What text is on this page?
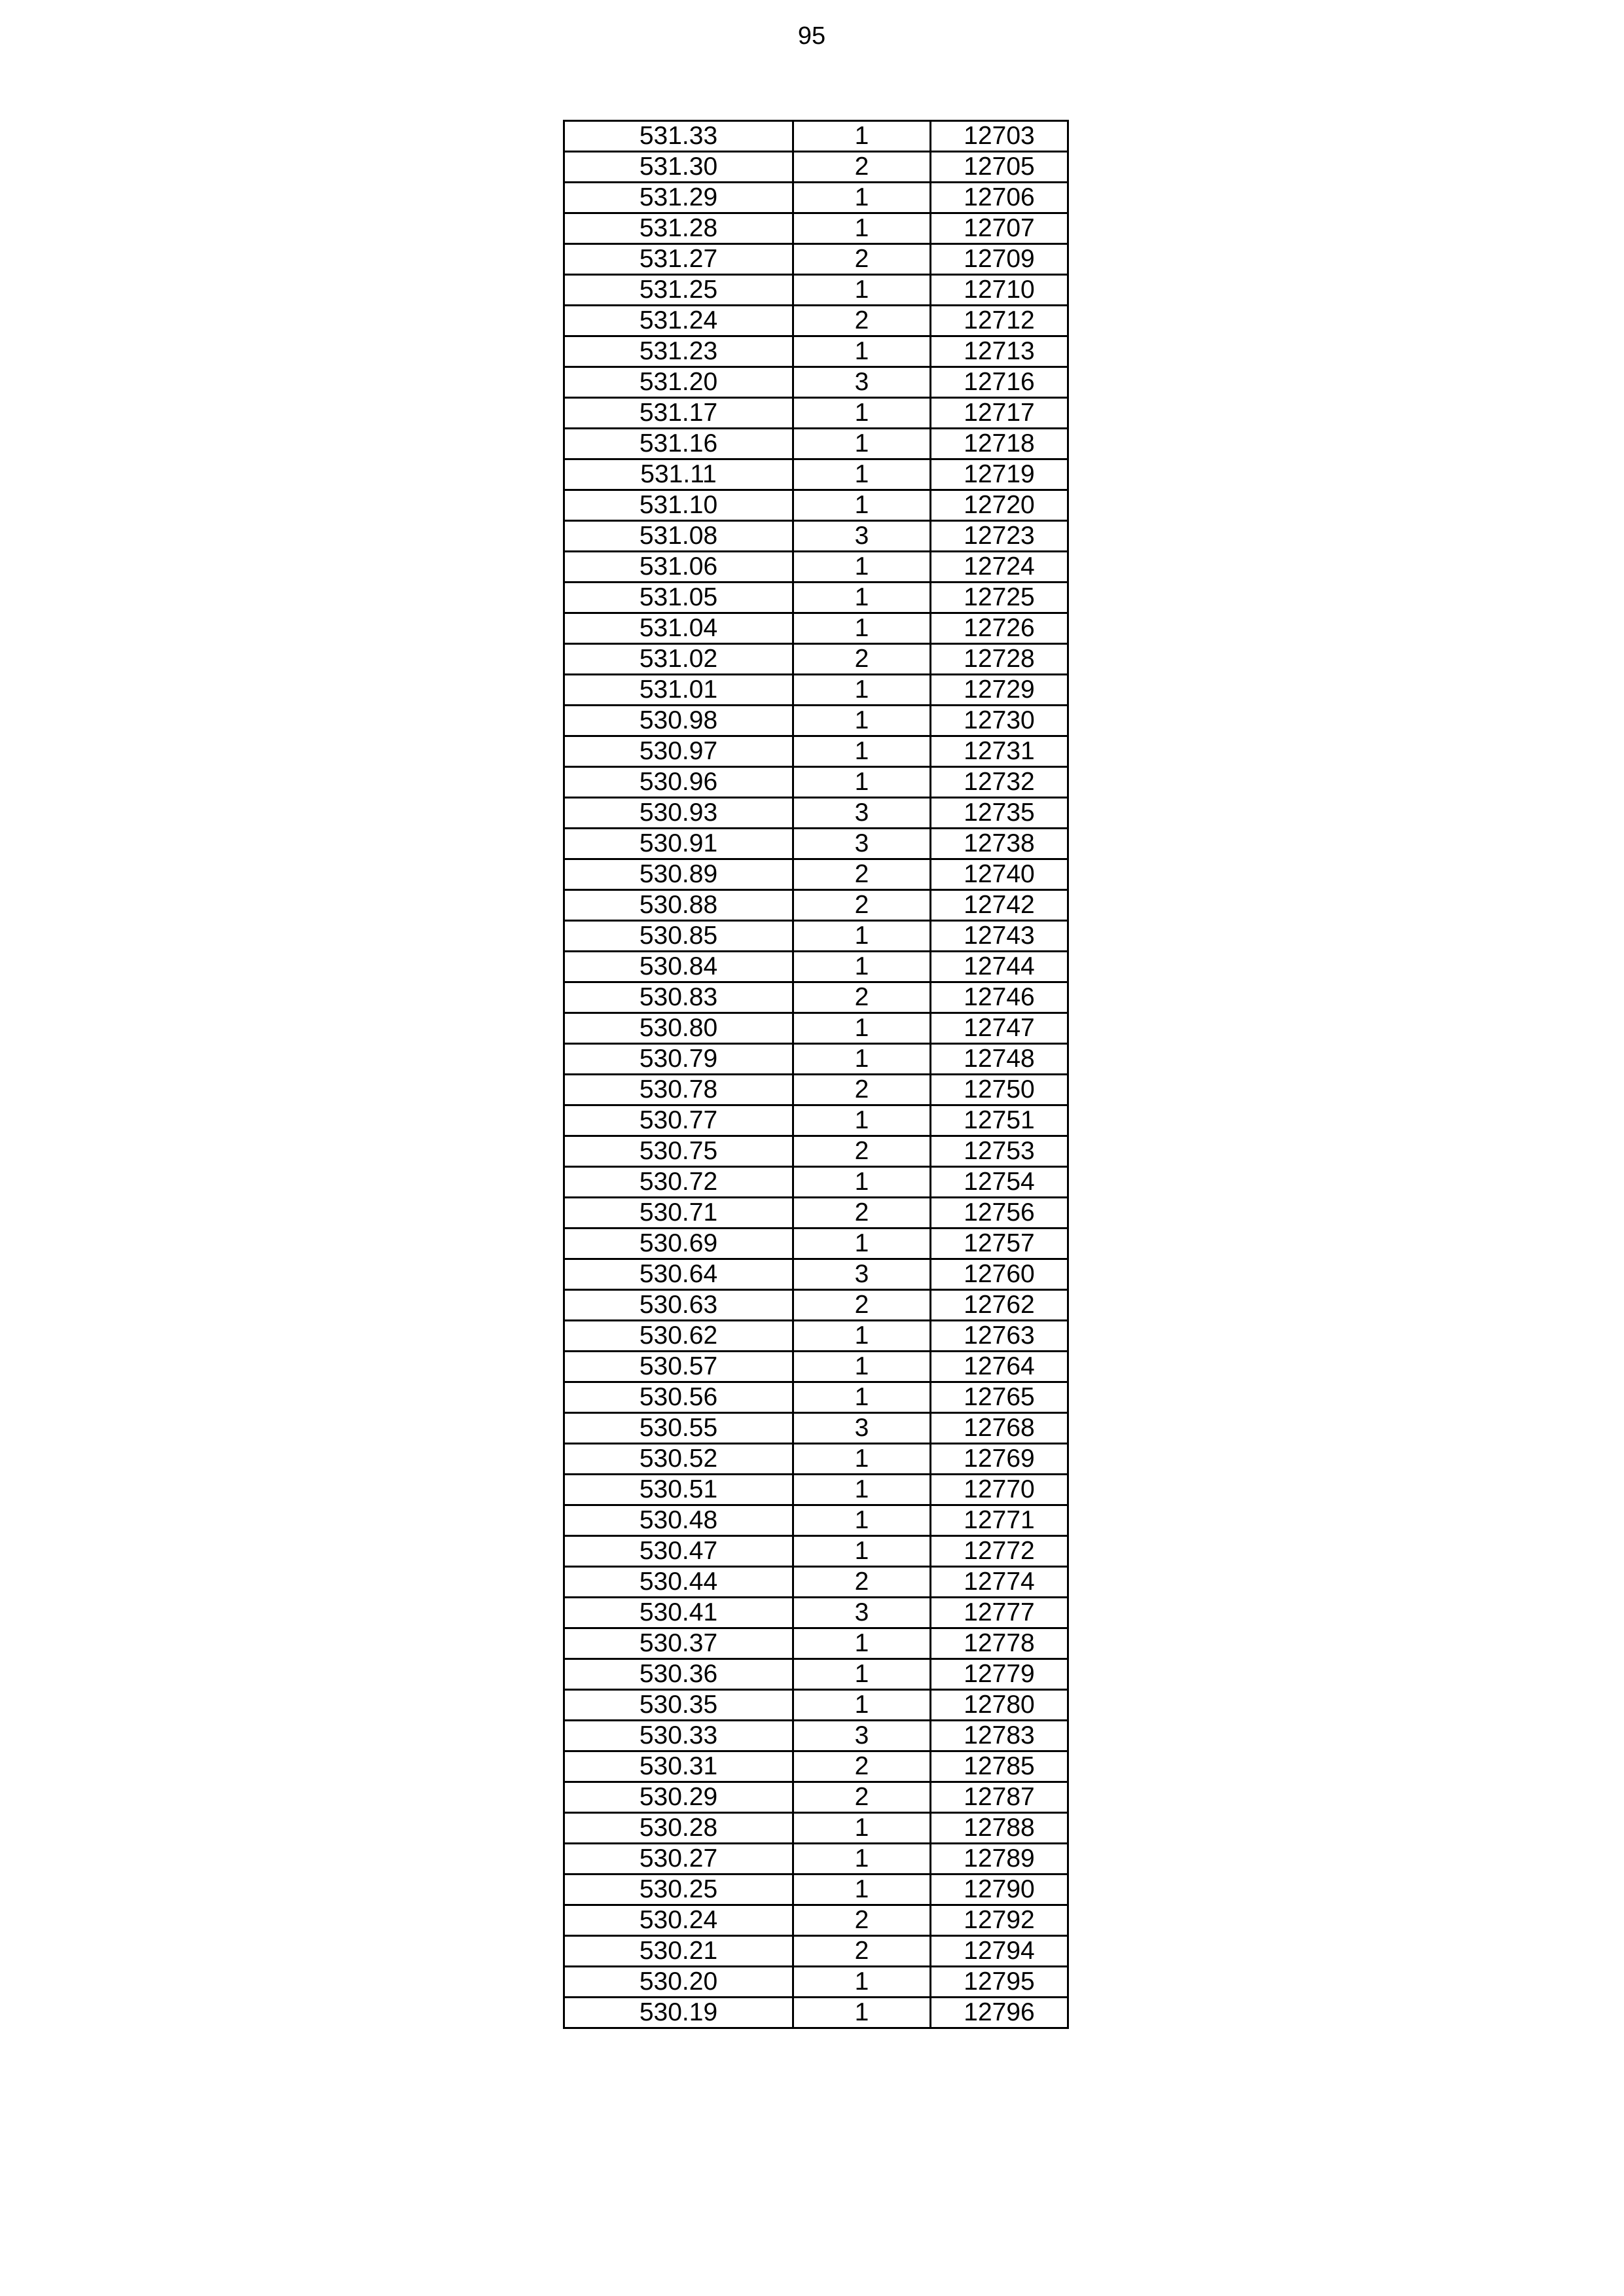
95
531.33	1	12703
531.30	2	12705
531.29	1	12706
531.28	1	12707
531.27	2	12709
531.25	1	12710
531.24	2	12712
531.23	1	12713
531.20	3	12716
531.17	1	12717
531.16	1	12718
531.11	1	12719
531.10	1	12720
531.08	3	12723
531.06	1	12724
531.05	1	12725
531.04	1	12726
531.02	2	12728
531.01	1	12729
530.98	1	12730
530.97	1	12731
530.96	1	12732
530.93	3	12735
530.91	3	12738
530.89	2	12740
530.88	2	12742
530.85	1	12743
530.84	1	12744
530.83	2	12746
530.80	1	12747
530.79	1	12748
530.78	2	12750
530.77	1	12751
530.75	2	12753
530.72	1	12754
530.71	2	12756
530.69	1	12757
530.64	3	12760
530.63	2	12762
530.62	1	12763
530.57	1	12764
530.56	1	12765
530.55	3	12768
530.52	1	12769
530.51	1	12770
530.48	1	12771
530.47	1	12772
530.44	2	12774
530.41	3	12777
530.37	1	12778
530.36	1	12779
530.35	1	12780
530.33	3	12783
530.31	2	12785
530.29	2	12787
530.28	1	12788
530.27	1	12789
530.25	1	12790
530.24	2	12792
530.21	2	12794
530.20	1	12795
530.19	1	12796
